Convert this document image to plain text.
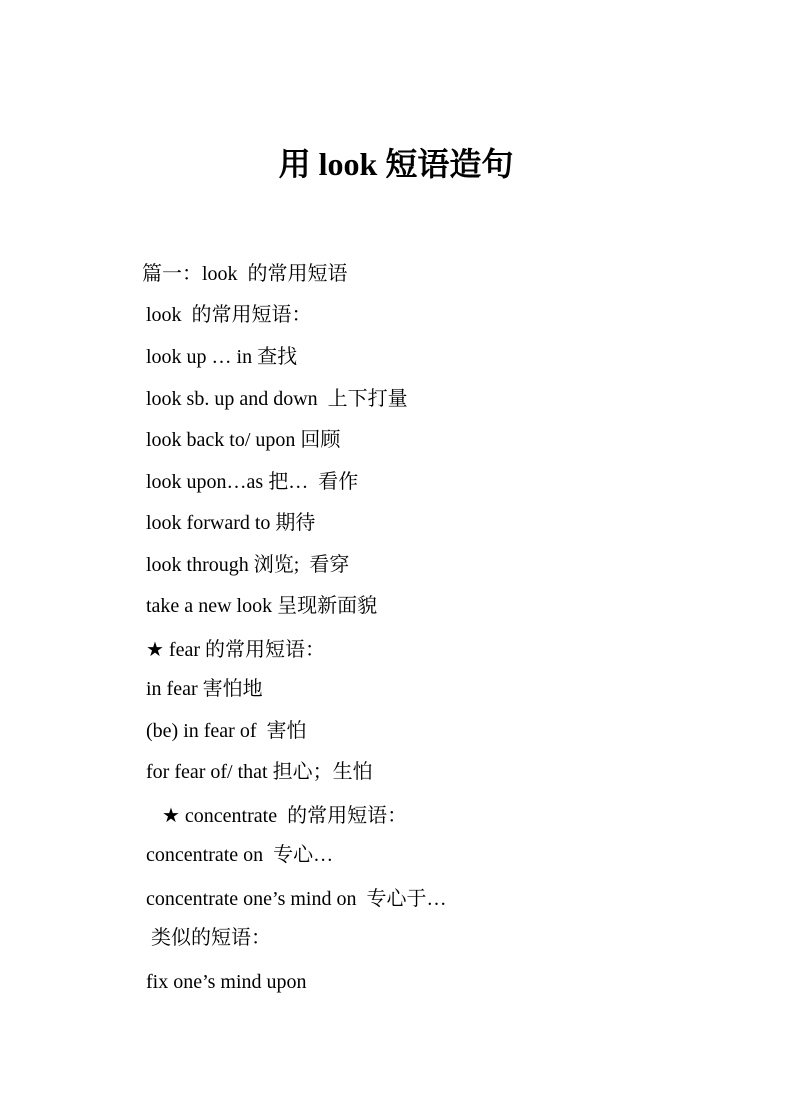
用 look 短语造句
篇一：look  的常用短语
look  的常用短语：
look up … in 查找
look sb. up and down  上下打量
look back to/ upon 回顾
look upon…as 把…  看作
look forward to 期待
look through 浏览;  看穿
take a new look 呈现新面貌
★ fear 的常用短语：
in fear 害怕地
(be) in fear of  害怕
for fear of/ that 担心；生怕
★ concentrate  的常用短语：
concentrate on  专心…
concentrate one’s mind on  专心于…
类似的短语：
fix one’s mind upon
